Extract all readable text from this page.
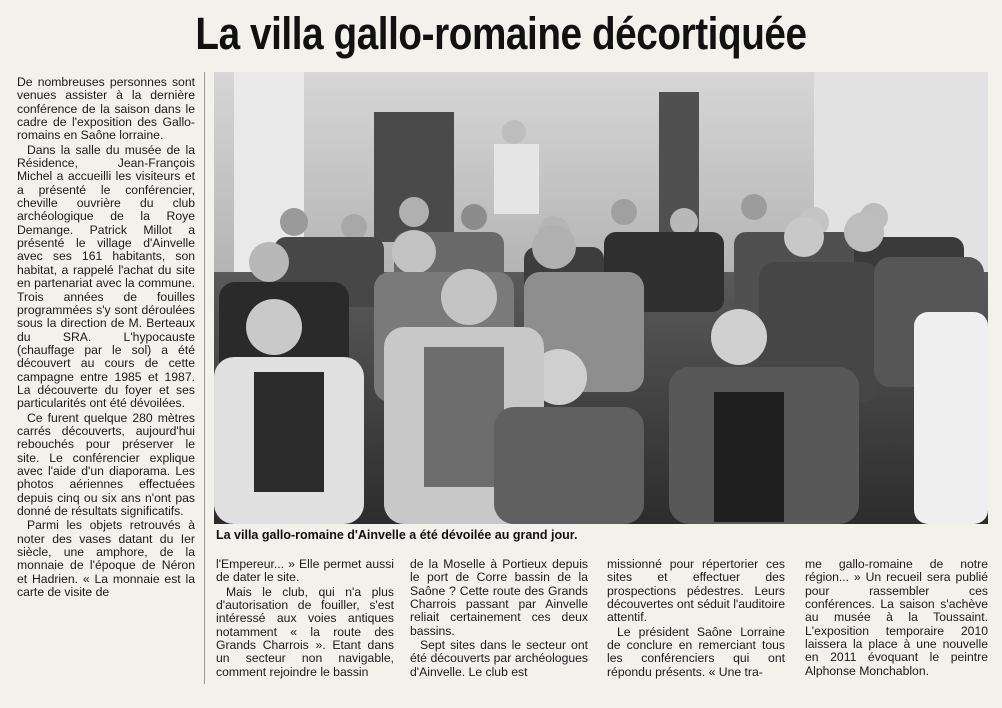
La villa gallo-romaine décortiquée

De nombreuses personnes sont venues assister à la dernière conférence de la saison dans le cadre de l'exposition des Gallo-romains en Saône lorraine.

Dans la salle du musée de la Résidence, Jean-François Michel a accueilli les visiteurs et a présenté le conférencier, cheville ouvrière du club archéologique de la Roye Demange. Patrick Millot a présenté le village d'Ainvelle avec ses 161 habitants, son habitat, a rappelé l'achat du site en partenariat avec la commune. Trois années de fouilles programmées s'y sont déroulées sous la direction de M. Berteaux du SRA. L'hypocauste (chauffage par le sol) a été découvert au cours de cette campagne entre 1985 et 1987. La découverte du foyer et ses particularités ont été dévoilées.

Ce furent quelque 280 mètres carrés découverts, aujourd'hui rebouchés pour préserver le site. Le conférencier explique avec l'aide d'un diaporama. Les photos aériennes effectuées depuis cinq ou six ans n'ont pas donné de résultats significatifs.

Parmi les objets retrouvés à noter des vases datant du Ier siècle, une amphore, de la monnaie de l'époque de Néron et Hadrien. « La monnaie est la carte de visite de

La villa gallo-romaine d'Ainvelle a été dévoilée au grand jour.

l'Empereur... » Elle permet aussi de dater le site.

Mais le club, qui n'a plus d'autorisation de fouiller, s'est intéressé aux voies antiques notamment « la route des Grands Charrois ». Etant dans un secteur non navigable, comment rejoindre le bassin

de la Moselle à Portieux depuis le port de Corre bassin de la Saône ? Cette route des Grands Charrois passant par Ainvelle reliait certainement ces deux bassins.

Sept sites dans le secteur ont été découverts par archéologues d'Ainvelle. Le club est

missionné pour répertorier ces sites et effectuer des prospections pédestres. Leurs découvertes ont séduit l'auditoire attentif.

Le président Saône Lorraine de conclure en remerciant tous les conférenciers qui ont répondu présents. « Une tra-

me gallo-romaine de notre région... » Un recueil sera publié pour rassembler ces conférences. La saison s'achève au musée à la Toussaint. L'exposition temporaire 2010 laissera la place à une nouvelle en 2011 évoquant le peintre Alphonse Monchablon.
